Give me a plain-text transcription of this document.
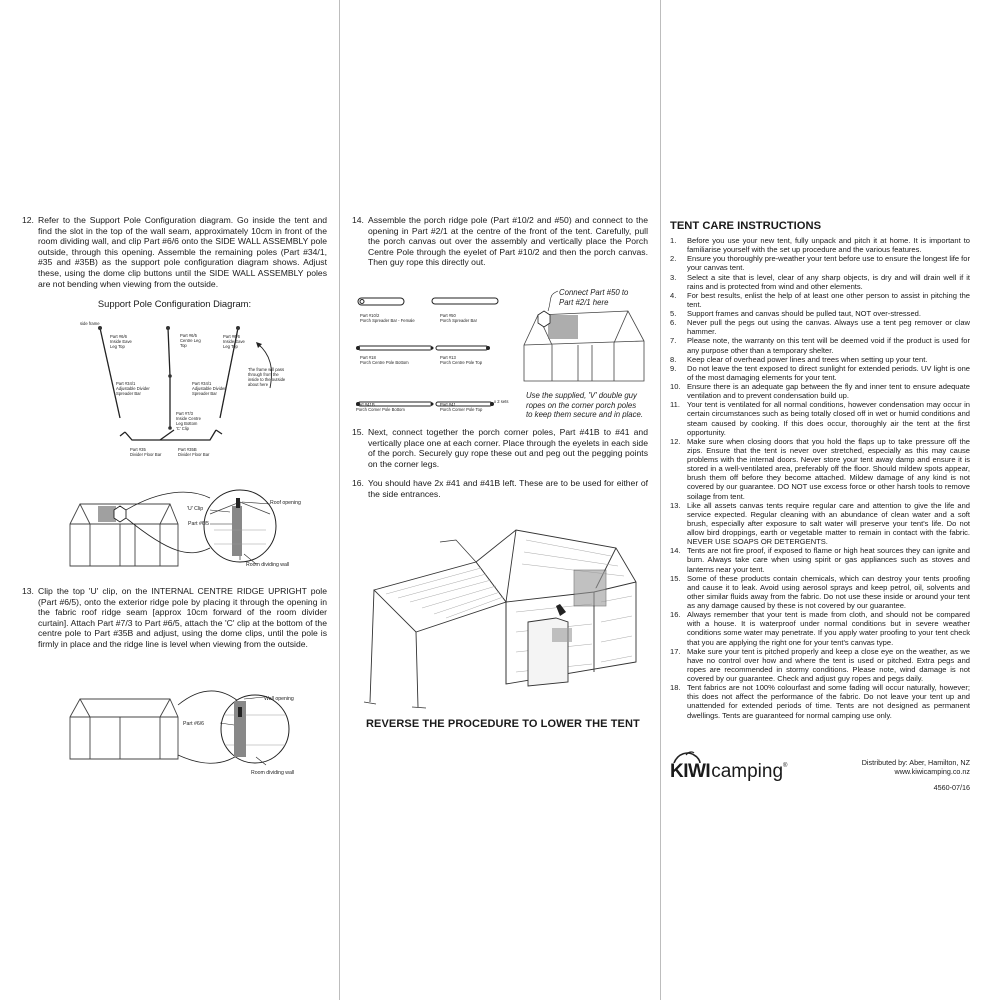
12. Refer to the Support Pole Configuration diagram. Go inside the tent and find the slot in the top of the wall seam, approximately 10cm in front of the room dividing wall, and clip Part #6/6 onto the SIDE WALL ASSEMBLY pole outside, through this opening. Assemble the remaining poles (Part #34/1, #35 and #35B) as the support pole configuration diagram shows. Adjust these, using the dome clip buttons until the SIDE WALL ASSEMBLY poles are not bending when viewing from the outside.
Support Pole Configuration Diagram:
side frame
Part #6/6
Inside Eave
Leg Top
Part #6/5
Centre Leg
Top
Part #6/6
Inside Eave
Leg Top
Part #34/1
Adjustable Divider
Spreader Bar
Part #34/1
Adjustable Divider
Spreader Bar
Part #7/3
Inside Centre
Leg Bottom
'C' Clip
Part #35
Divider Floor Bar
Part #35B
Divider Floor Bar
The frame will pass through from the inside to the outside about here
'U' Clip
Roof opening
Part #6/5
Room dividing wall
13. Clip the top 'U' clip, on the INTERNAL CENTRE RIDGE UPRIGHT pole (Part #6/5), onto the exterior ridge pole by placing it through the opening in the fabric roof ridge seam [approx 10cm forward of the room divider curtain]. Attach Part #7/3 to Part #6/5, attach the 'C' clip at the bottom of the centre pole to Part #35B and adjust, using the dome clips, until the pole is firmly in place and the ridge line is level when viewing from the outside.
Wall opening
Part #6/6
Room dividing wall
14. Assemble the porch ridge pole (Part #10/2 and #50) and connect to the opening in Part #2/1 at the centre of the front of the tent. Carefully, pull the porch canvas out over the assembly and vertically place the Porch Centre Pole through the eyelet of Part #10/2 and then the porch canvas. Then guy rope this directly out.
Part #10/2
Porch Spreader Bar - Female
Part #50
Porch Spreader Bar
Part #18
Porch Centre Pole Bottom
Part #13
Porch Centre Pole Top
Part #41B
Porch Corner Pole Bottom
Part #41
Porch Corner Pole Top
x 2 sets
Connect Part #50 to Part #2/1 here
Use the supplied, 'V' double guy ropes on the corner porch poles to keep them secure and in place.
15. Next, connect together the porch corner poles, Part #41B to #41 and vertically place one at each corner. Place through the eyelets in each side of the porch. Securely guy rope these out and peg out the pegging points on the corner legs.
16. You should have 2x #41 and #41B left. These are to be used for either of the side entrances.
REVERSE THE PROCEDURE TO LOWER THE TENT
TENT CARE INSTRUCTIONS
1.	Before you use your new tent, fully unpack and pitch it at home. It is important to familiarise yourself with the set up procedure and the various features.
2.	Ensure you thoroughly pre-weather your tent before use to ensure the longest life for your canvas tent.
3.	Select a site that is level, clear of any sharp objects, is dry and will drain well if it rains and is protected from wind and other elements.
4.	For best results, enlist the help of at least one other person to assist in pitching the tent.
5.	Support frames and canvas should be pulled taut, NOT over-stressed.
6.	Never pull the pegs out using the canvas. Always use a tent peg remover or claw hammer.
7.	Please note, the warranty on this tent will be deemed void if the product is used for any purpose other than a temporary shelter.
8.	Keep clear of overhead power lines and trees when setting up your tent.
9.	Do not leave the tent exposed to direct sunlight for extended periods. UV light is one of the most damaging elements for your tent.
10. Ensure there is an adequate gap between the fly and inner tent to ensure adequate ventilation and to prevent condensation build up.
11. Your tent is ventilated for all normal conditions, however condensation may occur in certain circumstances such as being totally closed off in wet or humid conditions and steam caused by cooking. If this does occur, thoroughly air the tent at the first opportunity.
12. Make sure when closing doors that you hold the flaps up to take pressure off the zips. Ensure that the tent is never over stretched, especially as this may cause problems with the internal doors. Never store your tent away damp and ensure it is stored in a well-ventilated area, preferably off the floor. Should mildew spots appear, brush them off before they become attached. Mildew damage of any kind is not covered by our guarantee. DO NOT use excess force or other harsh tools to remove soilage from tent.
13. Like all assets canvas tents require regular care and attention to give the life and service expected. Regular cleaning with an abundance of clean water and a soft brush, especially after exposure to salt water will preserve your tent's life. Do not allow bird droppings, earth or vegetable matter to remain in contact with the fabric. NEVER USE SOAPS OR DETERGENTS.
14. Tents are not fire proof, if exposed to flame or high heat sources they can ignite and burn. Always take care when using spirit or gas appliances such as stoves and lanterns near your tent.
15. Some of these products contain chemicals, which can destroy your tents proofing and cause it to leak. Avoid using aerosol sprays and keep petrol, oil, solvents and other similar fluids away from the fabric. Do not use these inside or around your tent as any damage caused by these is not covered by our guarantee.
16. Always remember that your tent is made from cloth, and should not be compared with a house. It is waterproof under normal conditions but in severe weather conditions some water may penetrate. If you apply water proofing to your tent check that you are applying the right one for your tent's canvas type.
17. Make sure your tent is pitched properly and keep a close eye on the weather, as we have no control over how and where the tent is used or pitched. Extra pegs and ropes are recommended in stormy conditions. Please note, wind damage is not covered by our guarantee. Check and adjust guy ropes and pegs daily.
18. Tent fabrics are not 100% colourfast and some fading will occur naturally, however; this does not affect the performance of the fabric. Do not leave your tent up and unattended for extended periods of time. Tents are not designed as permanent dwellings. Tents are guaranteed for normal camping use only.
KIWI camping ®	Distributed by: Aber, Hamilton, NZ
www.kiwicamping.co.nz
4560-07/16
